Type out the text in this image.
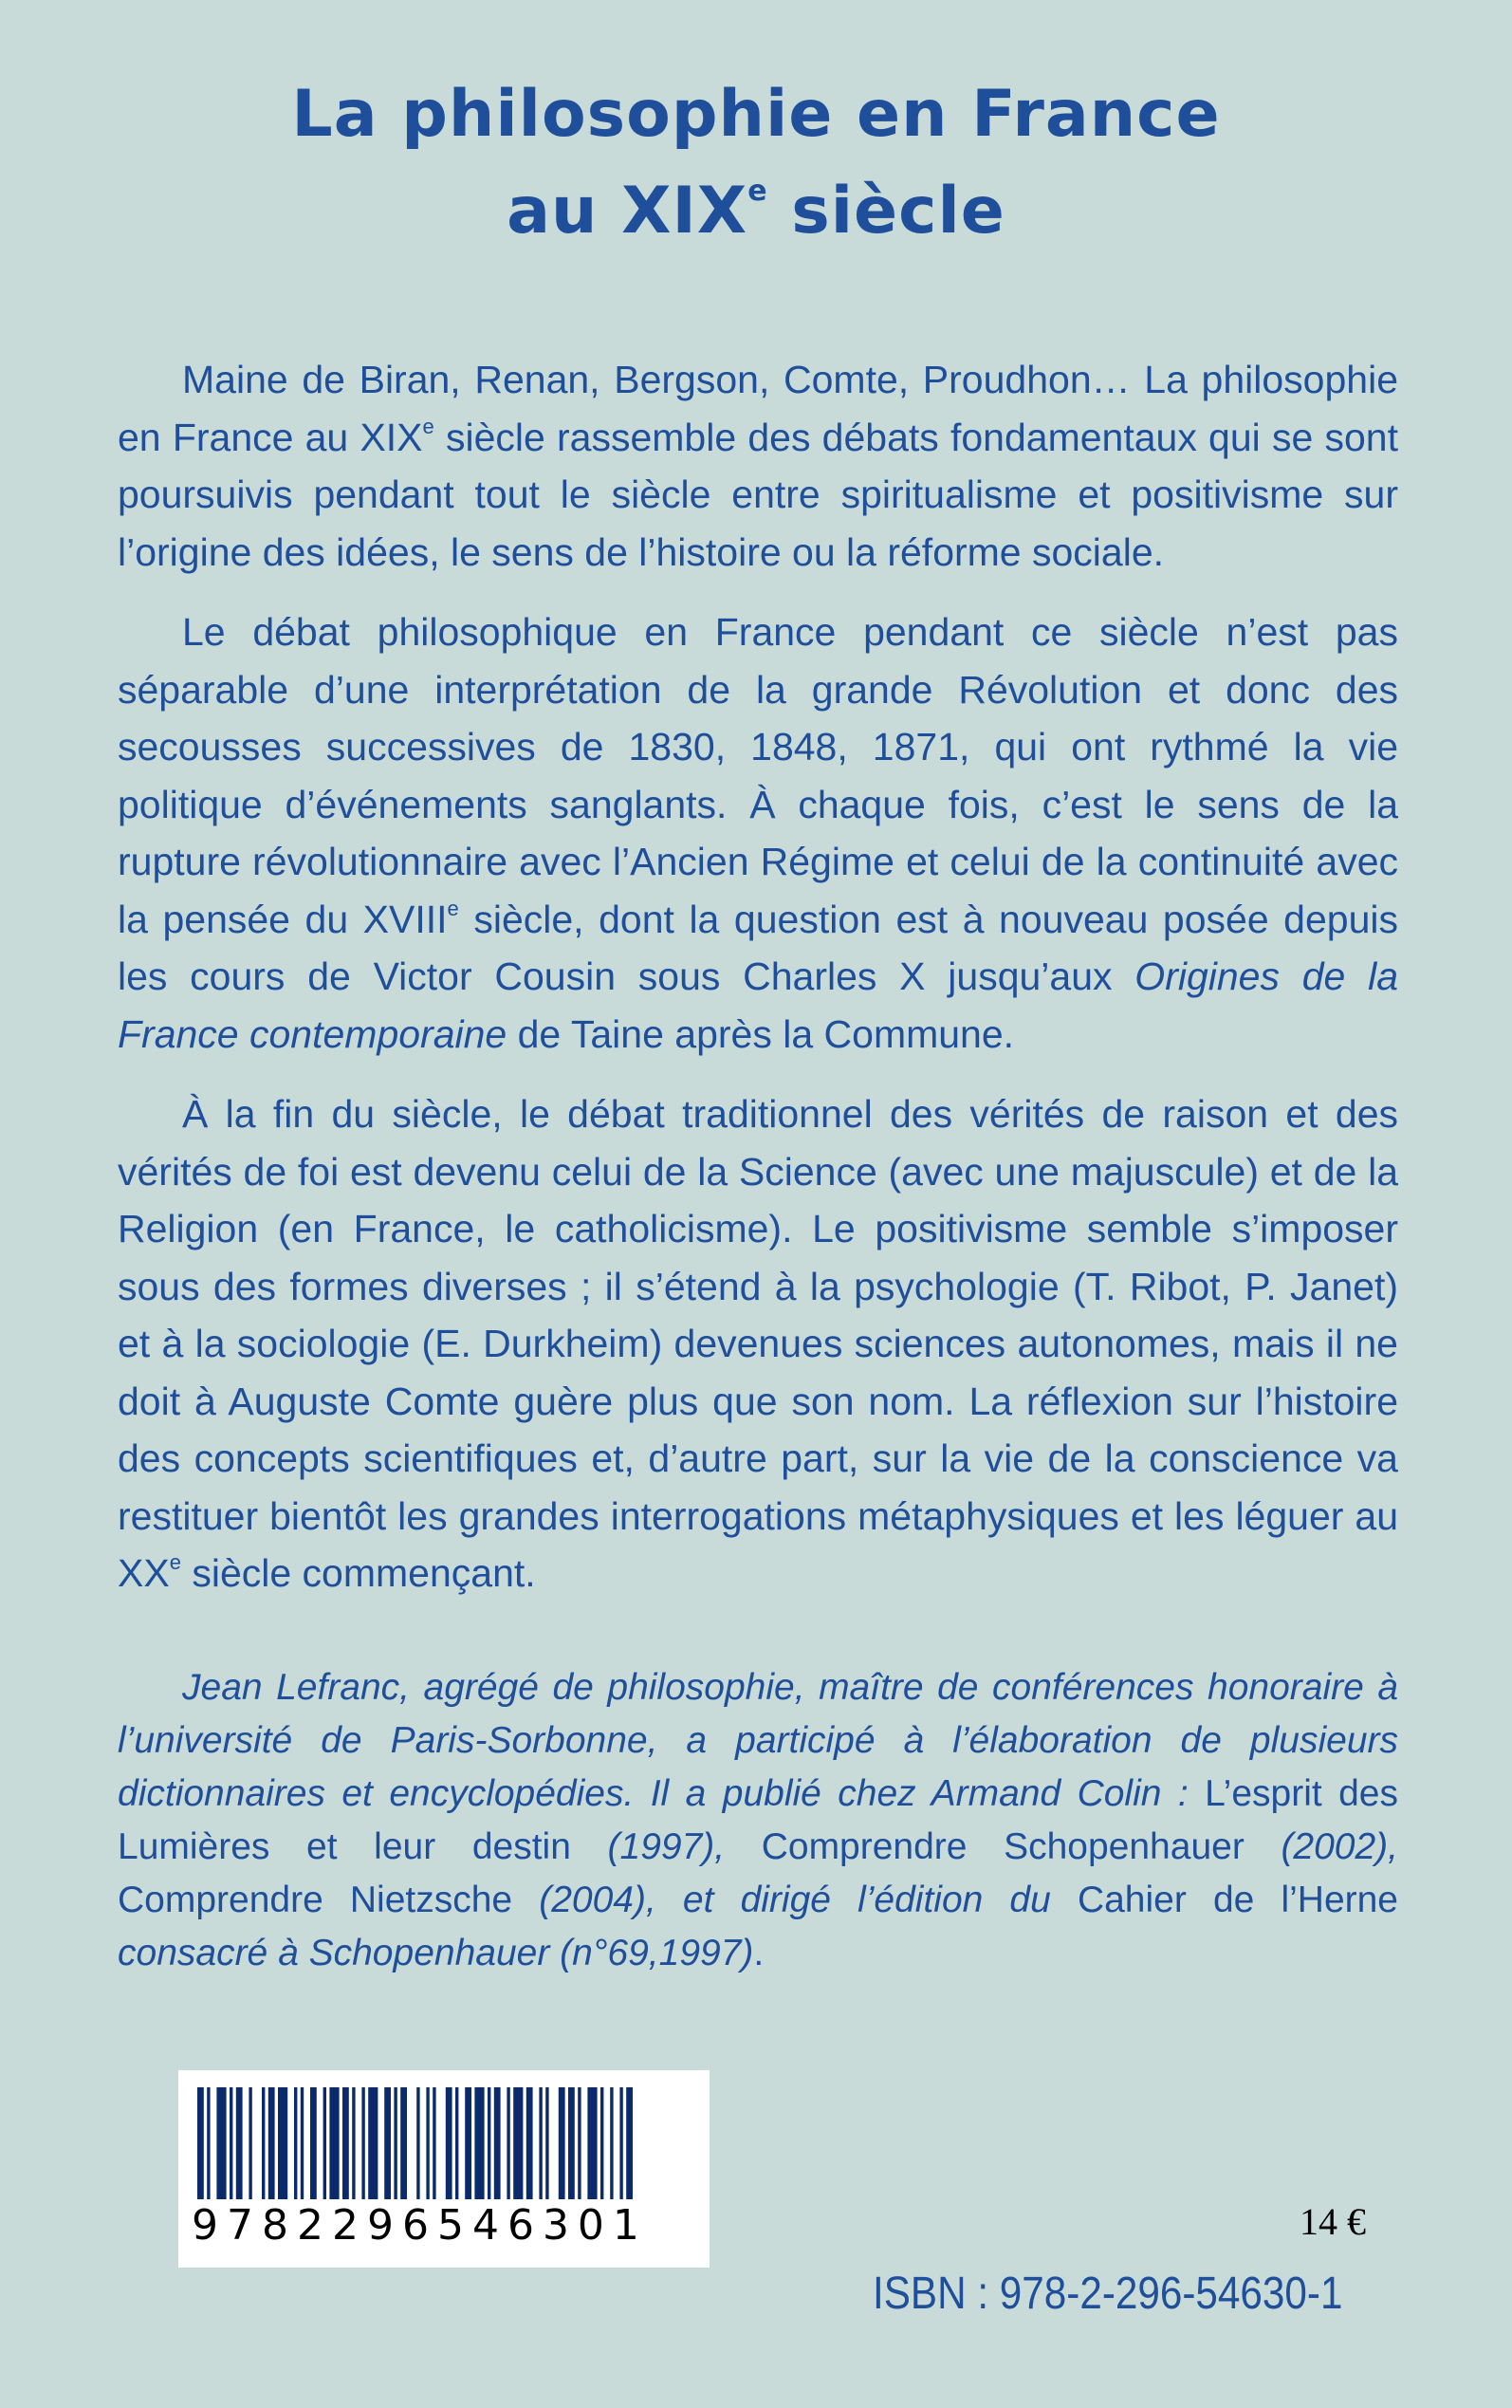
La philosophie en France
au XIXe siècle

Maine de Biran, Renan, Bergson, Comte, Proudhon… La philosophie en France au XIXe siècle rassemble des débats fondamentaux qui se sont poursuivis pendant tout le siècle entre spiritualisme et positivisme sur l’origine des idées, le sens de l’histoire ou la réforme sociale.

Le débat philosophique en France pendant ce siècle n’est pas séparable d’une interprétation de la grande Révolution et donc des secousses successives de 1830, 1848, 1871, qui ont rythmé la vie politique d’événements sanglants. À chaque fois, c’est le sens de la rupture révolutionnaire avec l’Ancien Régime et celui de la continuité avec la pensée du XVIIIe siècle, dont la question est à nouveau posée depuis les cours de Victor Cousin sous Charles X jusqu’aux Origines de la France contemporaine de Taine après la Commune.

À la fin du siècle, le débat traditionnel des vérités de raison et des vérités de foi est devenu celui de la Science (avec une majuscule) et de la Religion (en France, le catholicisme). Le positivisme semble s’imposer sous des formes diverses ; il s’étend à la psychologie (T. Ribot, P. Janet) et à la sociologie (E. Durkheim) devenues sciences autonomes, mais il ne doit à Auguste Comte guère plus que son nom. La réflexion sur l’histoire des concepts scientifiques et, d’autre part, sur la vie de la conscience va restituer bientôt les grandes interrogations métaphysiques et les léguer au XXe siècle commençant.

Jean Lefranc, agrégé de philosophie, maître de conférences honoraire à l’université de Paris-Sorbonne, a participé à l’élaboration de plusieurs dictionnaires et encyclopédies. Il a publié chez Armand Colin : L’esprit des Lumières et leur destin (1997), Comprendre Schopenhauer (2002), Comprendre Nietzsche (2004), et dirigé l’édition du Cahier de l’Herne consacré à Schopenhauer (n°69,1997).

9782296546301	14 €
ISBN : 978-2-296-54630-1
